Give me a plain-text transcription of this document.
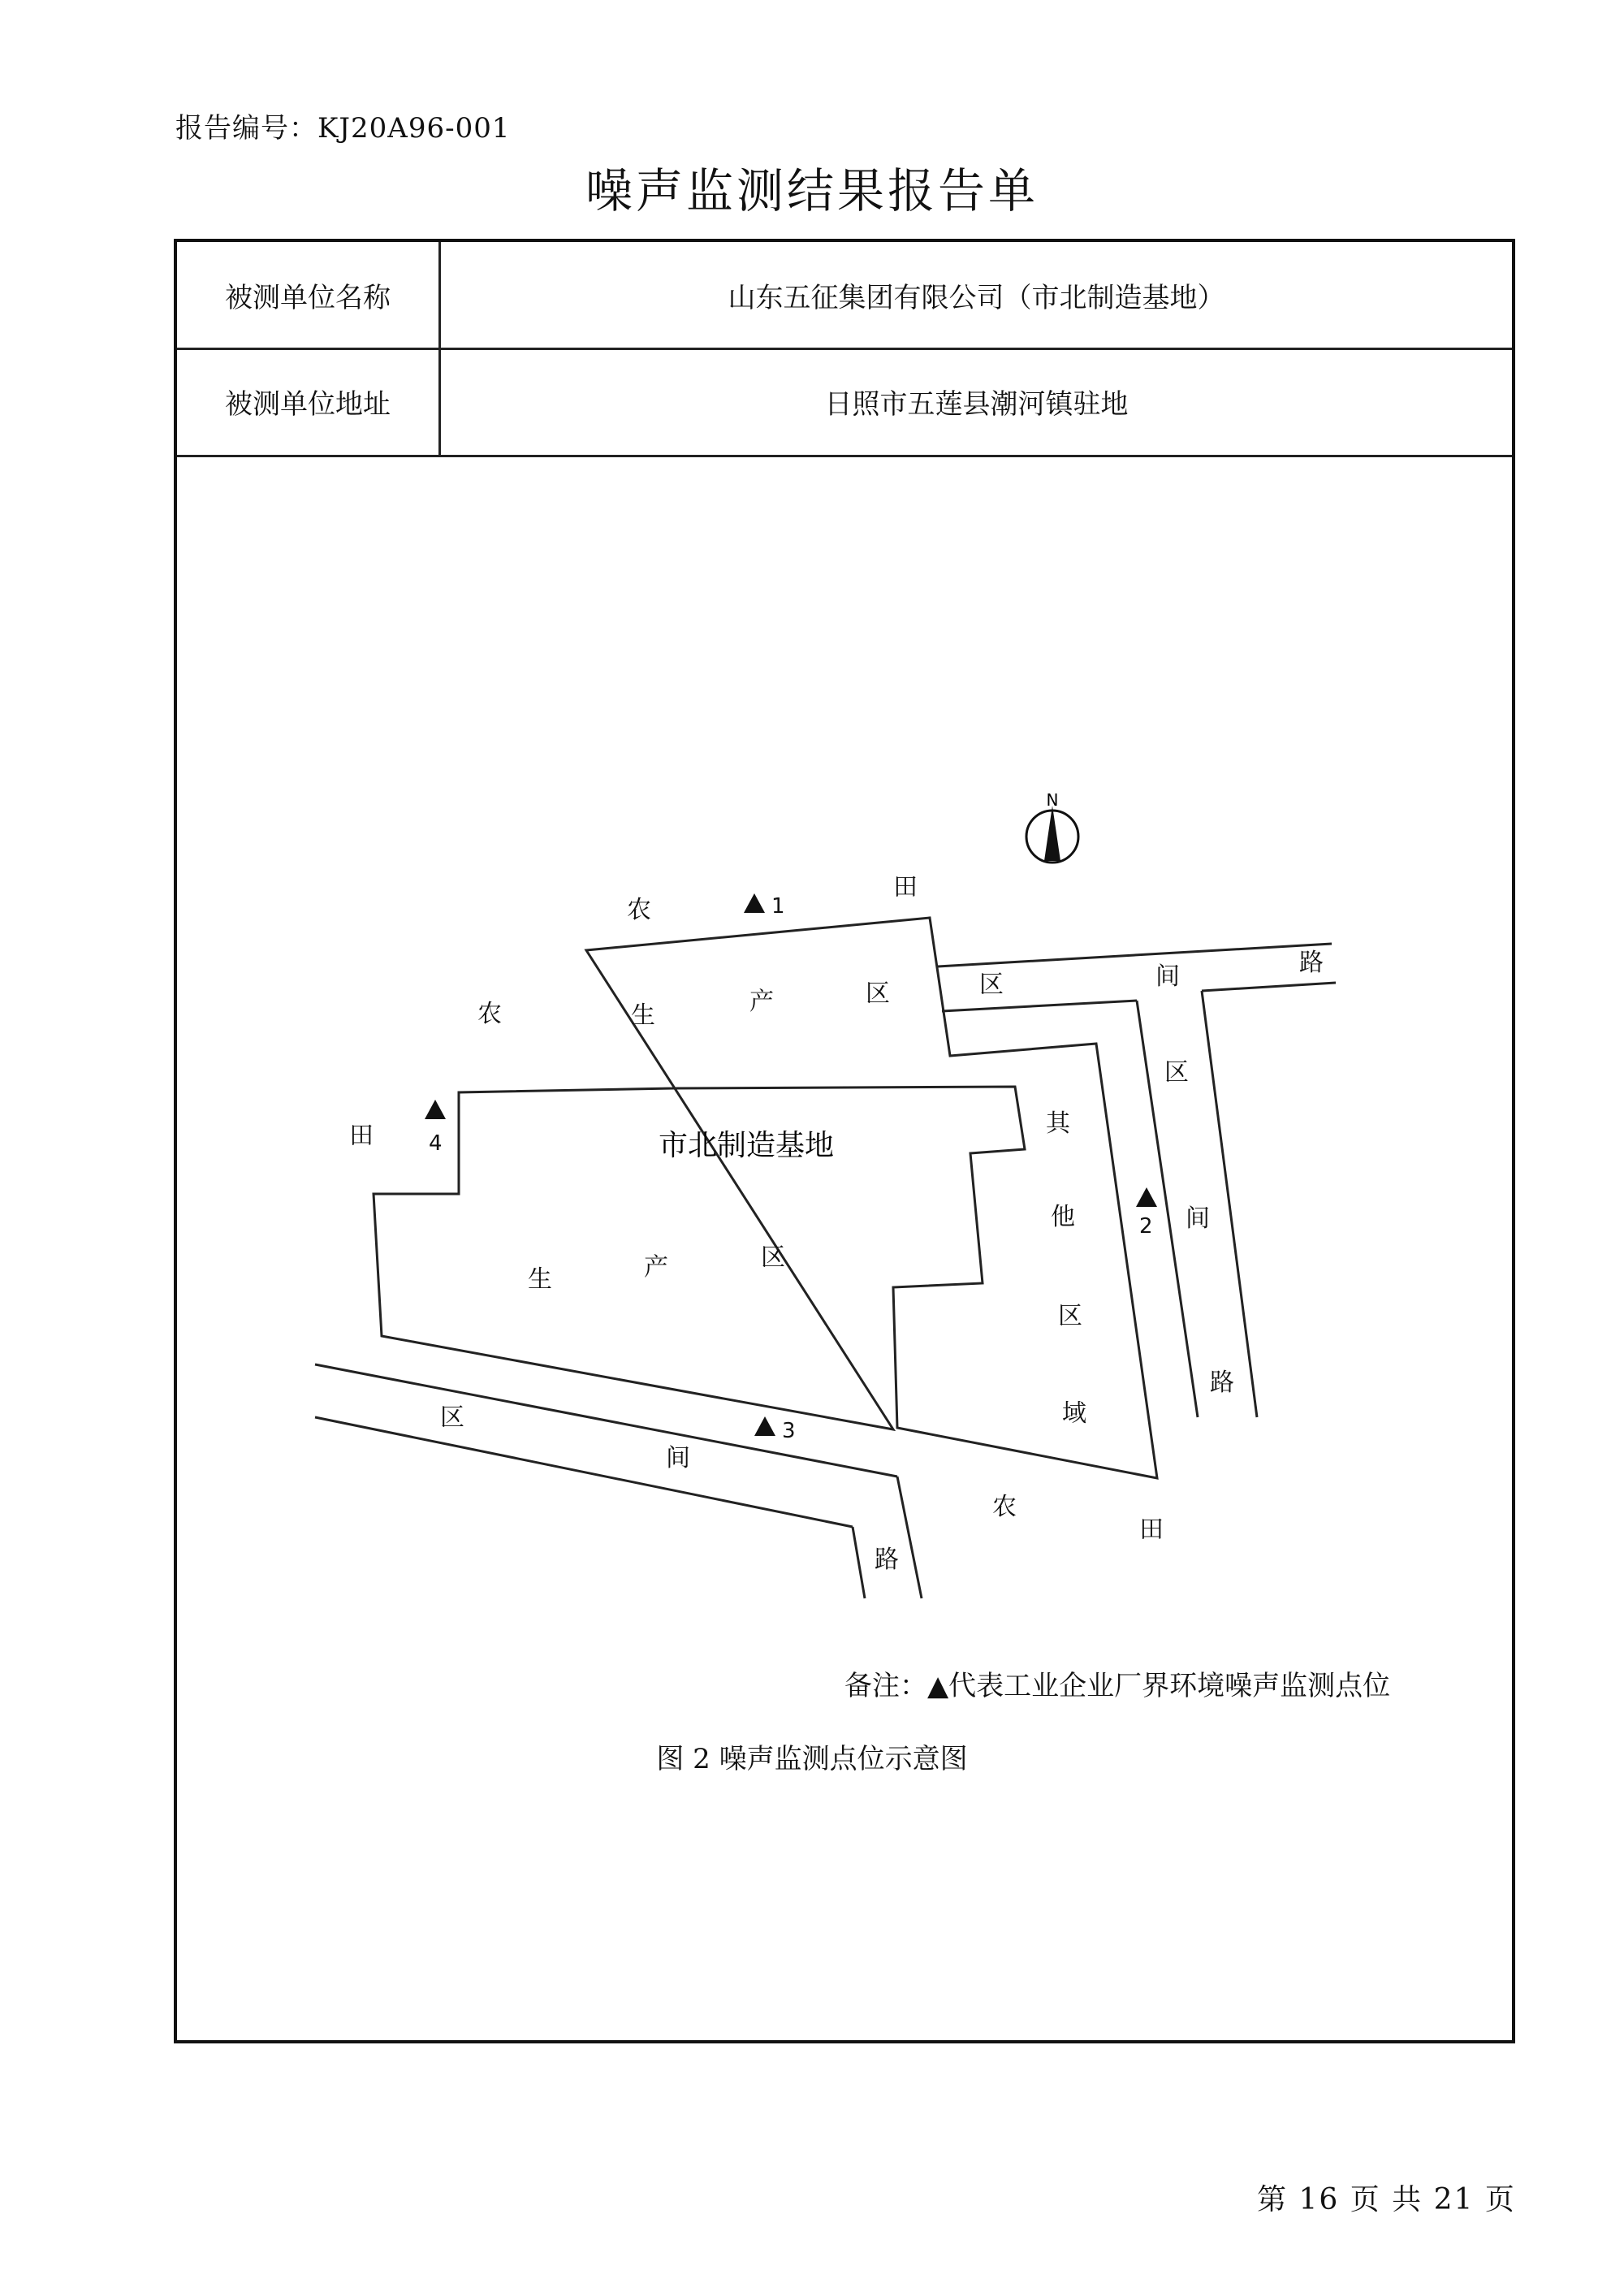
报告编号：KJ20A96-001
噪声监测结果报告单
被测单位名称	山东五征集团有限公司（市北制造基地）
被测单位地址	日照市五莲县潮河镇驻地
N
农
田
农
田
农
田
生	产	区
生	产	区
其
他
区
域
区	间	路
区
间
路
区
间
路
市北制造基地
1
2
3
4
备注：▲代表工业企业厂界环境噪声监测点位
图 2 噪声监测点位示意图
第 16 页 共 21 页
